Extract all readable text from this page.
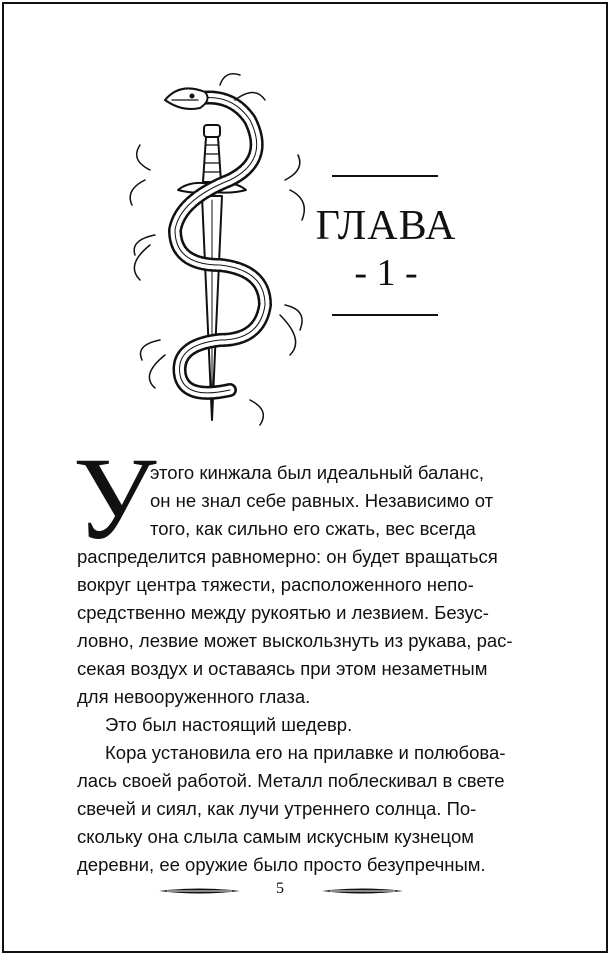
ГЛАВА
- 1 -
У
этого кинжала был идеальный баланс,
он не знал себе равных. Независимо от
того, как сильно его сжать, вес всегда
распределится равномерно: он будет вращаться
вокруг центра тяжести, расположенного непо-
средственно между рукоятью и лезвием. Безус-
ловно, лезвие может выскользнуть из рукава, рас-
секая воздух и оставаясь при этом незаметным
для невооруженного глаза.
Это был настоящий шедевр.
Кора установила его на прилавке и полюбова-
лась своей работой. Металл поблескивал в свете
свечей и сиял, как лучи утреннего солнца. По-
скольку она слыла самым искусным кузнецом
деревни, ее оружие было просто безупречным.
5
